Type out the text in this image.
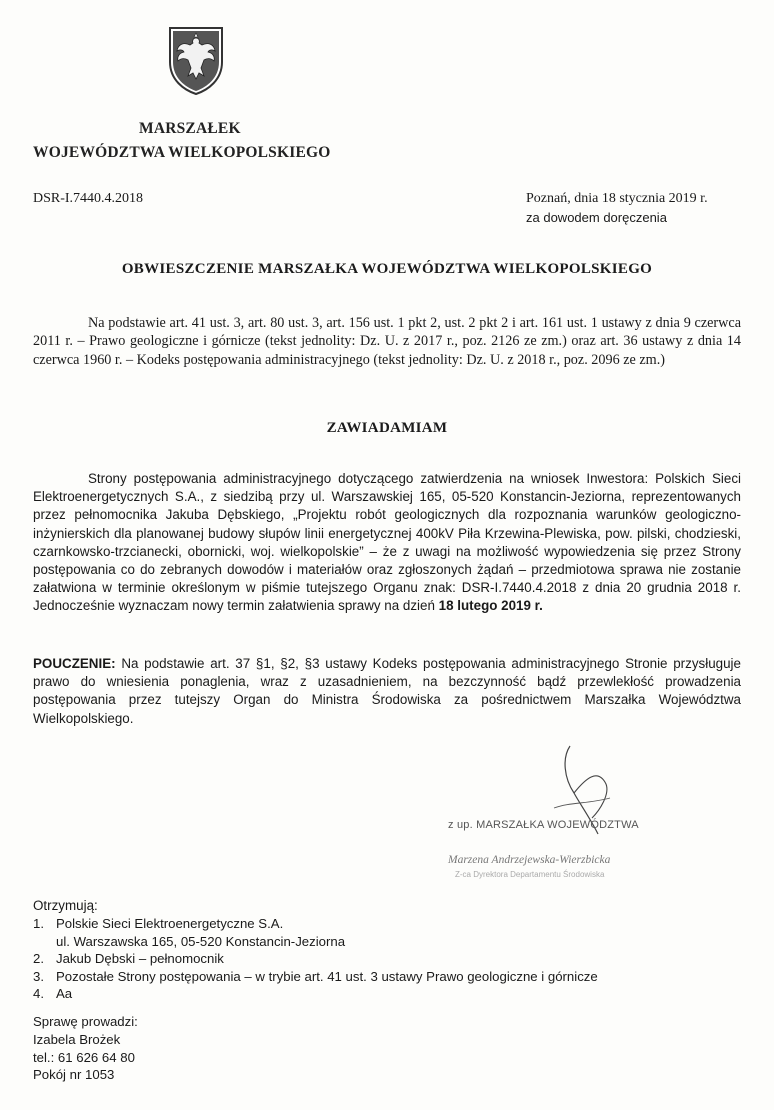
MARSZAŁEK
WOJEWÓDZTWA WIELKOPOLSKIEGO
DSR-I.7440.4.2018	Poznań, dnia 18 stycznia 2019 r.
za dowodem doręczenia
OBWIESZCZENIE MARSZAŁKA WOJEWÓDZTWA WIELKOPOLSKIEGO
Na podstawie art. 41 ust. 3, art. 80 ust. 3, art. 156 ust. 1 pkt 2, ust. 2 pkt 2 i art. 161 ust. 1 ustawy z dnia 9 czerwca 2011 r. – Prawo geologiczne i górnicze (tekst jednolity: Dz. U. z 2017 r., poz. 2126 ze zm.) oraz art. 36 ustawy z dnia 14 czerwca 1960 r. – Kodeks postępowania administracyjnego (tekst jednolity: Dz. U. z 2018 r., poz. 2096 ze zm.)
ZAWIADAMIAM
Strony postępowania administracyjnego dotyczącego zatwierdzenia na wniosek Inwestora: Polskich Sieci Elektroenergetycznych S.A., z siedzibą przy ul. Warszawskiej 165, 05-520 Konstancin-Jeziorna, reprezentowanych przez pełnomocnika Jakuba Dębskiego, „Projektu robót geologicznych dla rozpoznania warunków geologiczno-inżynierskich dla planowanej budowy słupów linii energetycznej 400kV Piła Krzewina-Plewiska, pow. pilski, chodzieski, czarnkowsko-trzcianecki, obornicki, woj. wielkopolskie” – że z uwagi na możliwość wypowiedzenia się przez Strony postępowania co do zebranych dowodów i materiałów oraz zgłoszonych żądań – przedmiotowa sprawa nie zostanie załatwiona w terminie określonym w piśmie tutejszego Organu znak: DSR-I.7440.4.2018 z dnia 20 grudnia 2018 r. Jednocześnie wyznaczam nowy termin załatwienia sprawy na dzień 18 lutego 2019 r.
POUCZENIE: Na podstawie art. 37 §1, §2, §3 ustawy Kodeks postępowania administracyjnego Stronie przysługuje prawo do wniesienia ponaglenia, wraz z uzasadnieniem, na bezczynność bądź przewlekłość prowadzenia postępowania przez tutejszy Organ do Ministra Środowiska za pośrednictwem Marszałka Województwa Wielkopolskiego.
z up. MARSZAŁKA WOJEWÓDZTWA
Marzena Andrzejewska-Wierzbicka
Z-ca Dyrektora Departamentu Środowiska
Otrzymują:
1. Polskie Sieci Elektroenergetyczne S.A.
ul. Warszawska 165, 05-520 Konstancin-Jeziorna
2. Jakub Dębski – pełnomocnik
3. Pozostałe Strony postępowania – w trybie art. 41 ust. 3 ustawy Prawo geologiczne i górnicze
4. Aa
Sprawę prowadzi:
Izabela Brożek
tel.: 61 626 64 80
Pokój nr 1053
